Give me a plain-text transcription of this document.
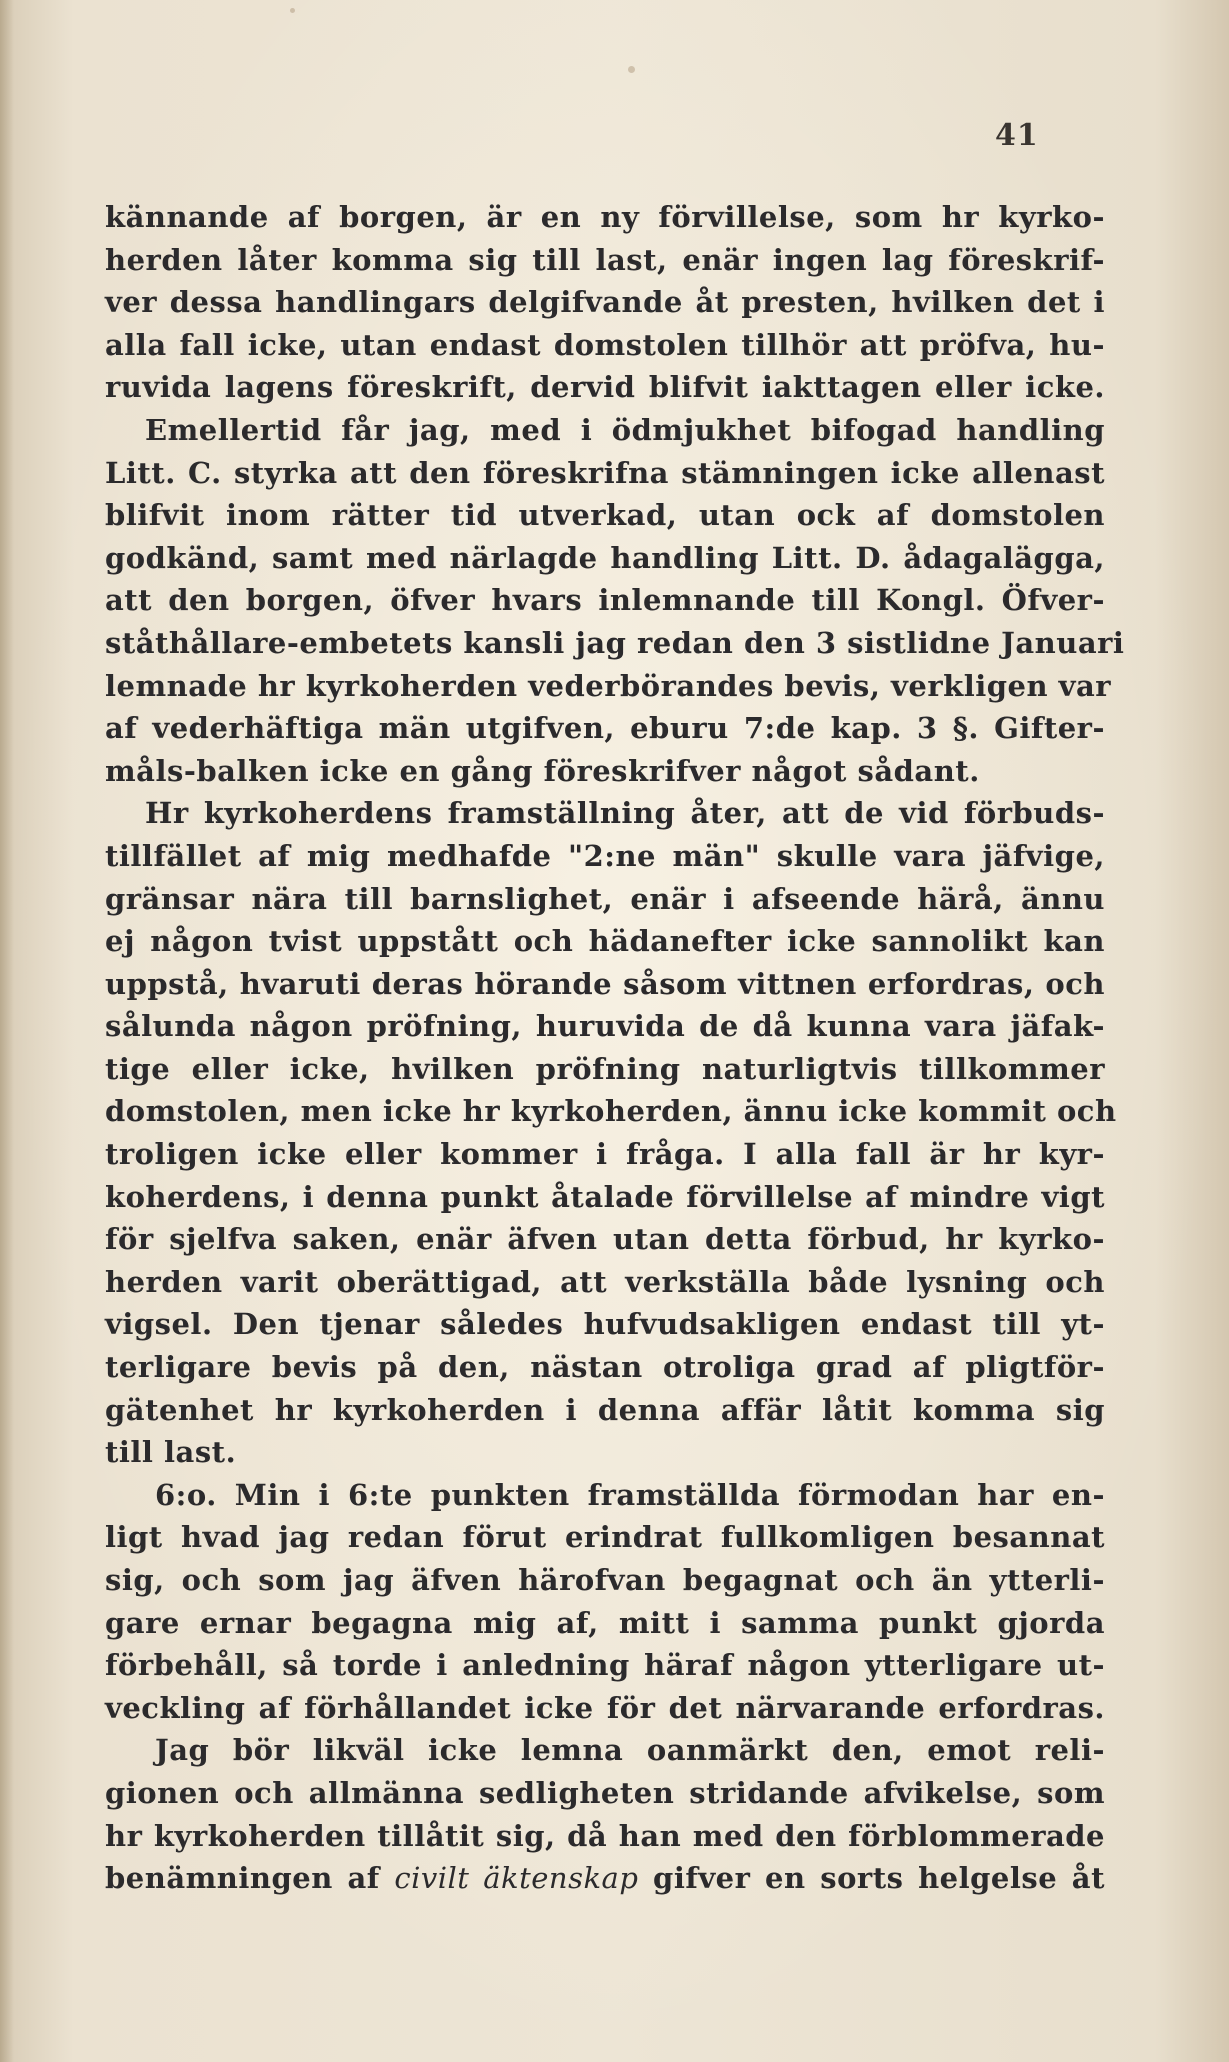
41
kännande af borgen, är en ny förvillelse, som hr kyrko-
herden låter komma sig till last, enär ingen lag föreskrif-
ver dessa handlingars delgifvande åt presten, hvilken det i
alla fall icke, utan endast domstolen tillhör att pröfva, hu-
ruvida lagens föreskrift, dervid blifvit iakttagen eller icke.
Emellertid får jag, med i ödmjukhet bifogad handling
Litt. C. styrka att den föreskrifna stämningen icke allenast
blifvit inom rätter tid utverkad, utan ock af domstolen
godkänd, samt med närlagde handling Litt. D. ådagalägga,
att den borgen, öfver hvars inlemnande till Kongl. Öfver-
ståthållare-embetets kansli jag redan den 3 sistlidne Januari
lemnade hr kyrkoherden vederbörandes bevis, verkligen var
af vederhäftiga män utgifven, eburu 7:de kap. 3 §. Gifter-
måls-balken icke en gång föreskrifver något sådant.
Hr kyrkoherdens framställning åter, att de vid förbuds-
tillfället af mig medhafde "2:ne män" skulle vara jäfvige,
gränsar nära till barnslighet, enär i afseende härå, ännu
ej någon tvist uppstått och hädanefter icke sannolikt kan
uppstå, hvaruti deras hörande såsom vittnen erfordras, och
sålunda någon pröfning, huruvida de då kunna vara jäfak-
tige eller icke, hvilken pröfning naturligtvis tillkommer
domstolen, men icke hr kyrkoherden, ännu icke kommit och
troligen icke eller kommer i fråga. I alla fall är hr kyr-
koherdens, i denna punkt åtalade förvillelse af mindre vigt
för sjelfva saken, enär äfven utan detta förbud, hr kyrko-
herden varit oberättigad, att verkställa både lysning och
vigsel. Den tjenar således hufvudsakligen endast till yt-
terligare bevis på den, nästan otroliga grad af pligtför-
gätenhet hr kyrkoherden i denna affär låtit komma sig
till last.
6:o. Min i 6:te punkten framställda förmodan har en-
ligt hvad jag redan förut erindrat fullkomligen besannat
sig, och som jag äfven härofvan begagnat och än ytterli-
gare ernar begagna mig af, mitt i samma punkt gjorda
förbehåll, så torde i anledning häraf någon ytterligare ut-
veckling af förhållandet icke för det närvarande erfordras.
Jag bör likväl icke lemna oanmärkt den, emot reli-
gionen och allmänna sedligheten stridande afvikelse, som
hr kyrkoherden tillåtit sig, då han med den förblommerade
benämningen af civilt äktenskap gifver en sorts helgelse åt
